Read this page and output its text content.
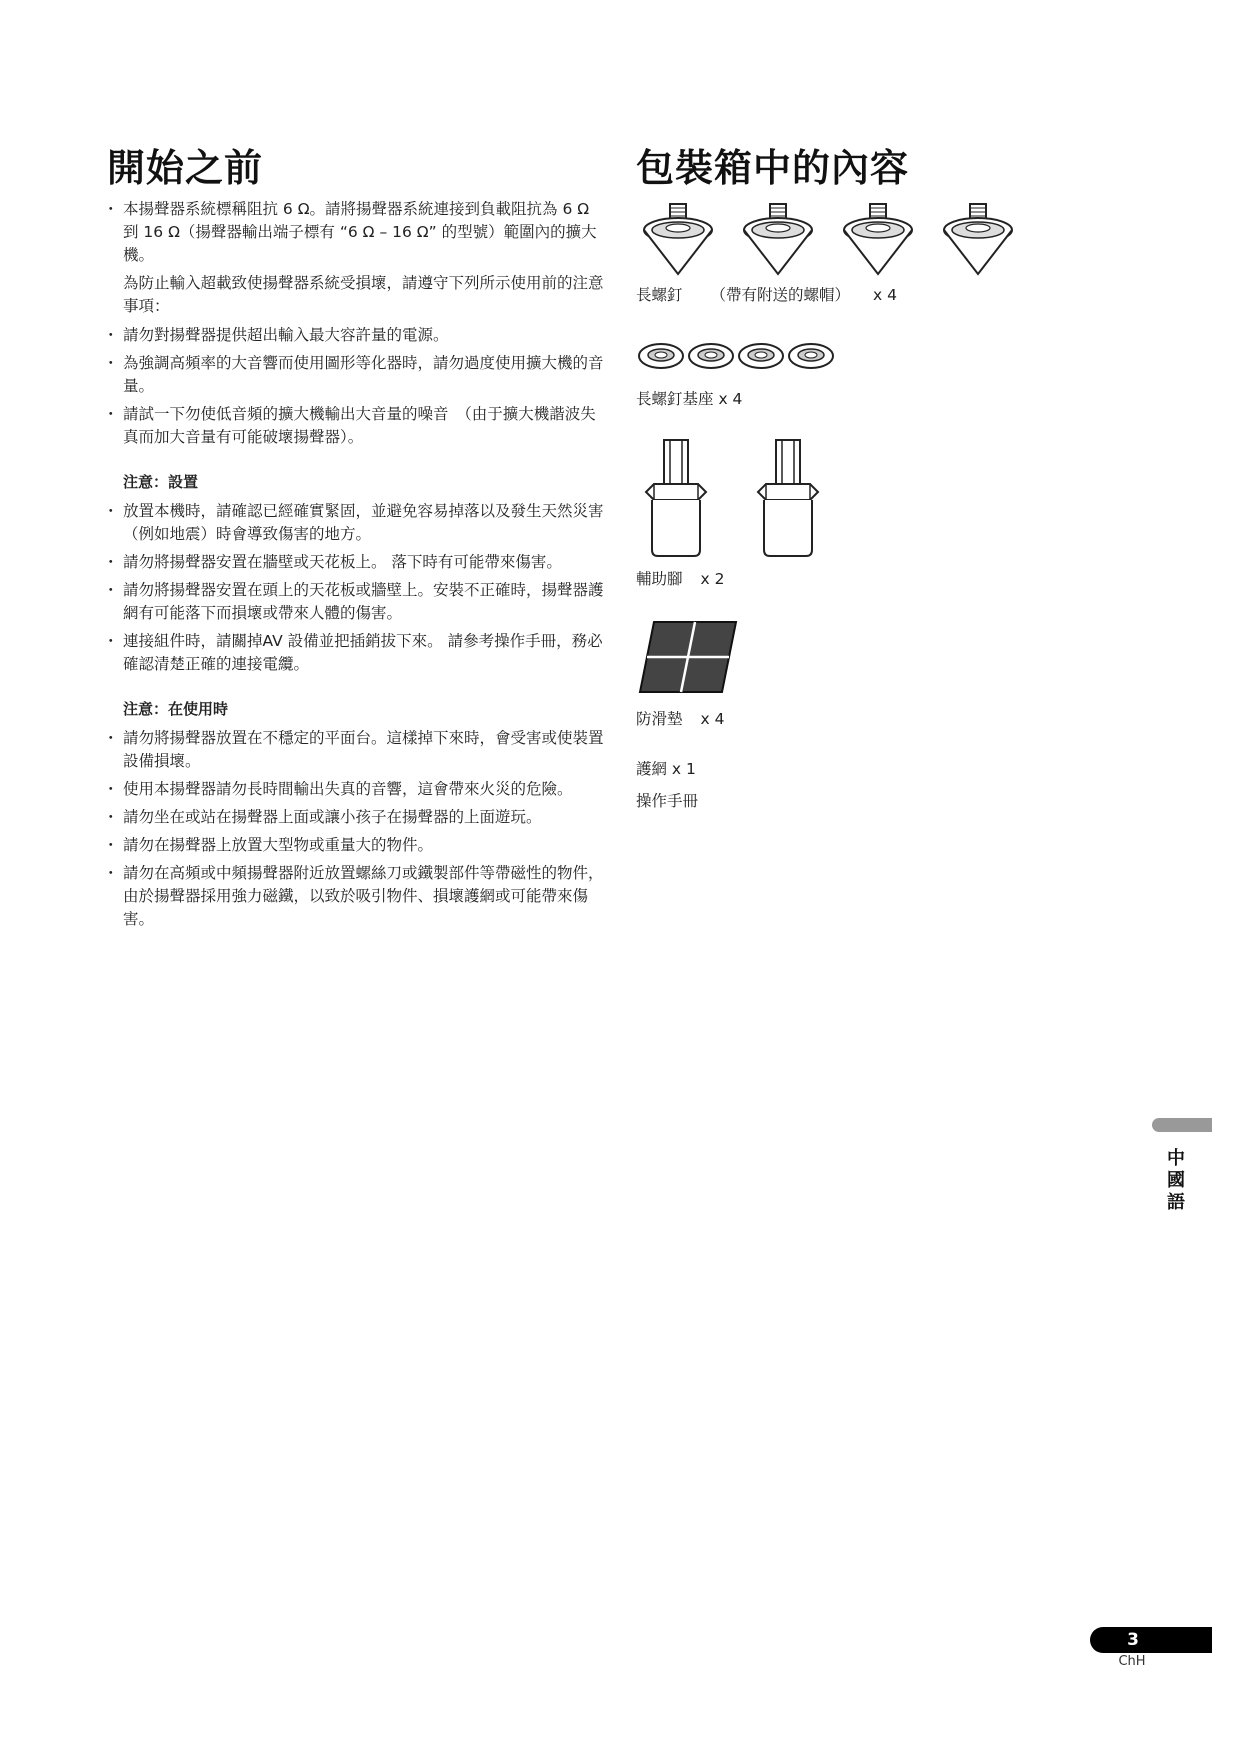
開始之前
・ 本揚聲器系統標稱阻抗 6 Ω。請將揚聲器系統連接到負載阻抗為 6 Ω 到 16 Ω（揚聲器輸出端子標有 “6 Ω – 16 Ω” 的型號）範圍內的擴大機。
為防止輸入超載致使揚聲器系統受損壞，請遵守下列所示使用前的注意事項：
・ 請勿對揚聲器提供超出輸入最大容許量的電源。
・ 為強調高頻率的大音響而使用圖形等化器時，請勿過度使用擴大機的音量。
・ 請試一下勿使低音頻的擴大機輸出大音量的噪音　（由于擴大機諧波失真而加大音量有可能破壞揚聲器）。
注意：設置
・ 放置本機時，請確認已經確實緊固，並避免容易掉落以及發生天然災害　（例如地震）時會導致傷害的地方。
・ 請勿將揚聲器安置在牆壁或天花板上。 落下時有可能帶來傷害。
・ 請勿將揚聲器安置在頭上的天花板或牆壁上。安裝不正確時，揚聲器護網有可能落下而損壞或帶來人體的傷害。
・ 連接組件時，請關掉AV 設備並把插銷拔下來。 請參考操作手冊，務必確認清楚正確的連接電纜。
注意：在使用時
・ 請勿將揚聲器放置在不穩定的平面台。這樣掉下來時，會受害或使裝置設備損壞。
・ 使用本揚聲器請勿長時間輸出失真的音響，這會帶來火災的危險。
・ 請勿坐在或站在揚聲器上面或讓小孩子在揚聲器的上面遊玩。
・ 請勿在揚聲器上放置大型物或重量大的物件。
・ 請勿在高頻或中頻揚聲器附近放置螺絲刀或鐵製部件等帶磁性的物件，由於揚聲器採用強力磁鐵，以致於吸引物件、損壞護網或可能帶來傷害。
包裝箱中的內容
長螺釘 （帶有附送的螺帽） x 4
長螺釘基座 x 4
輔助腳 x 2
防滑墊 x 4
護網 x 1
操作手冊
中國語
3
ChH
